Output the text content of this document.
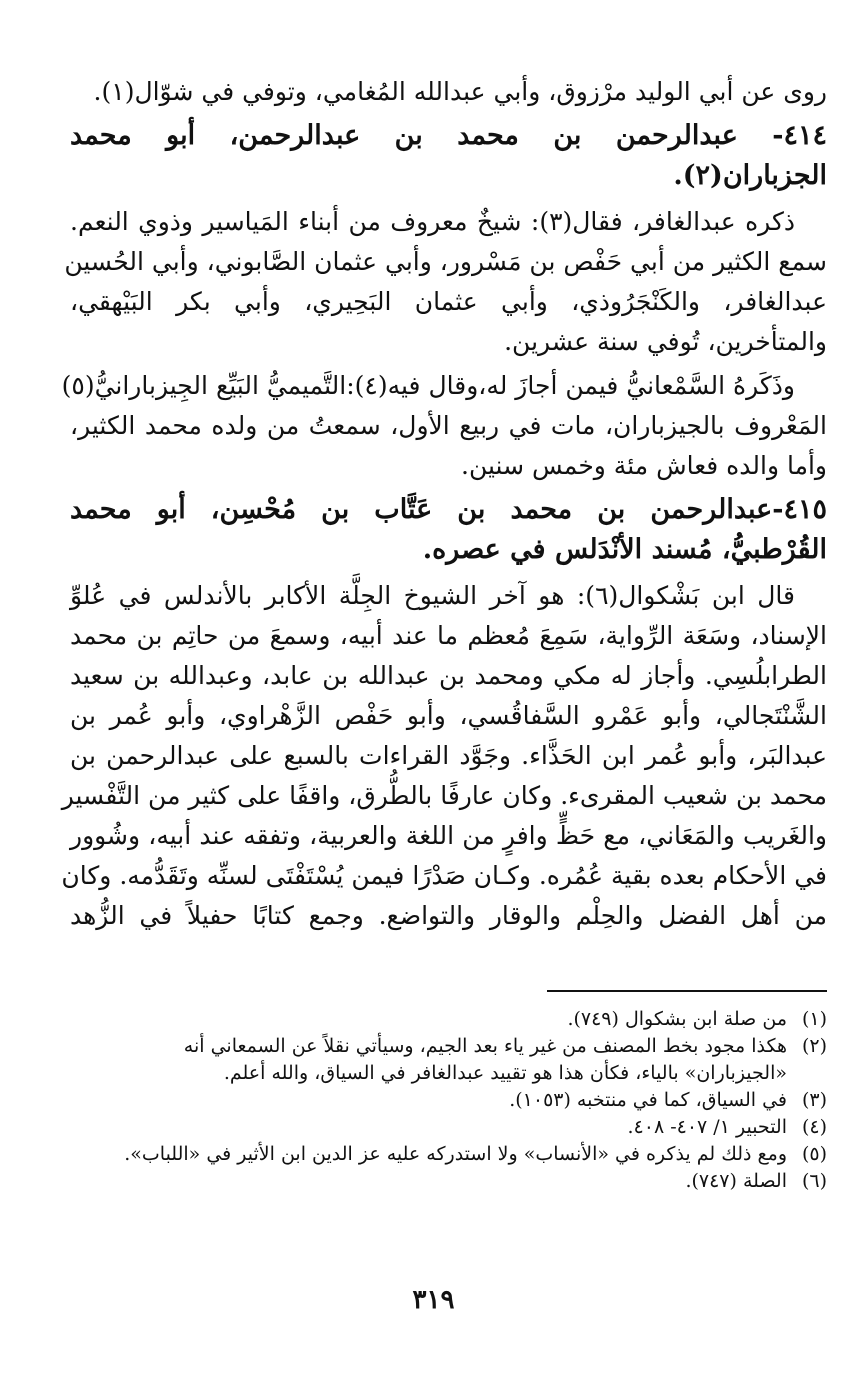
روى عن أبي الوليد مرْزوق، وأبي عبدالله المُغامي، وتوفي في شوّال(١).
٤١٤- عبدالرحمن بن محمد بن عبدالرحمن، أبو محمد
الجزباران(٢).
ذكره عبدالغافر، فقال(٣): شيخٌ معروف من أبناء المَياسير وذوي النعم.
سمع الكثير من أبي حَفْص بن مَسْرور، وأبي عثمان الصَّابوني، وأبي الحُسين
عبدالغافر، والكَنْجَرُوذي، وأبي عثمان البَحِيري، وأبي بكر البَيْهقي،
والمتأخرين، تُوفي سنة عشرين.
وذَكَرهُ السَّمْعانيُّ فيمن أجازَ له،وقال فيه(٤):التَّميميُّ البَيِّع الجِيزبارانيُّ(٥)
المَعْروف بالجيزباران، مات في ربيع الأول، سمعتُ من ولده محمد الكثير،
وأما والده فعاش مئة وخمس سنين.
٤١٥-عبدالرحمن بن محمد بن عَتَّاب بن مُحْسِن، أبو محمد
القُرْطبيُّ، مُسند الأنْدَلس في عصره.
قال ابن بَشْكوال(٦): هو آخر الشيوخ الجِلَّة الأكابر بالأندلس في عُلوِّ
الإسناد، وسَعَة الرِّواية، سَمِعَ مُعظم ما عند أبيه، وسمعَ من حاتِم بن محمد
الطرابلُسِي. وأجاز له مكي ومحمد بن عبدالله بن عابد، وعبدالله بن سعيد
الشَّنْتَجالي، وأبو عَمْرو السَّفاقُسي، وأبو حَفْص الزَّهْراوي، وأبو عُمر بن
عبدالبَر، وأبو عُمر ابن الحَذَّاء. وجَوَّد القراءات بالسبع على عبدالرحمن بن
محمد بن شعيب المقرىء. وكان عارفًا بالطُّرق، واقفًا على كثير من التَّفْسير
والغَريب والمَعَاني، مع حَظٍّ وافرٍ من اللغة والعربية، وتفقه عند أبيه، وشُوور
في الأحكام بعده بقية عُمُره. وكـان صَدْرًا فيمن يُسْتَفْتَى لسنِّه وتَقَدُّمه. وكان
من أهل الفضل والحِلْم والوقار والتواضع. وجمع كتابًا حفيلاً في الزُّهد
(١)
من صلة ابن بشكوال (٧٤٩).
(٢)
هكذا مجود بخط المصنف من غير ياء بعد الجيم، وسيأتي نقلاً عن السمعاني أنه
«الجيزباران» بالياء، فكأن هذا هو تقييد عبدالغافر في السياق، والله أعلم.
(٣)
في السياق، كما في منتخبه (١٠٥٣).
(٤)
التحبير ١/ ٤٠٧- ٤٠٨.
(٥)
ومع ذلك لم يذكره في «الأنساب» ولا استدركه عليه عز الدين ابن الأثير في «اللباب».
(٦)
الصلة (٧٤٧).
٣١٩
